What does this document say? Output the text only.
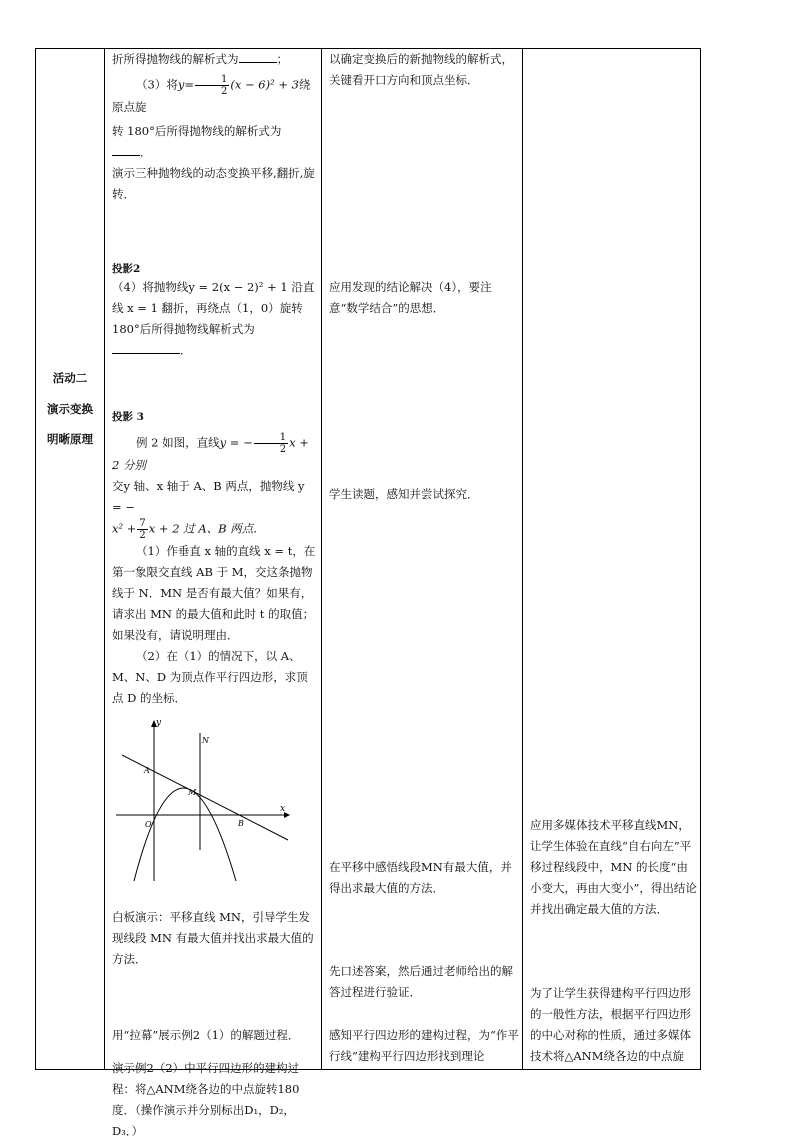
活动二
演示变换
明晰原理
折所得抛物线的解析式为	；
（3）将$y= \frac{1}{2} (x - 6)^2 + 3$绕原点旋
转 180°后所得抛物线的解析式为
．
演示三种抛物线的动态变换平移,翻折,旋转．
投影2
（4）将抛物线y = 2(x − 2)² + 1 沿直线 x = 1 翻折，再绕点（1，0）旋转 180°后所得抛物线解析式为．
投影 3
例 2 如图，直线y = − $\frac{1}{2}$ x + 2 分别
交y 轴、x 轴于 A、B 两点，抛物线 y = −
$x^2 + \frac{7}{2}$ x + 2 过 A、B 两点．
（1）作垂直 x 轴的直线 x = t，在第一象限交直线 AB 于 M，交这条抛物线于 N．MN 是否有最大值？如果有，请求出 MN 的最大值和此时 t 的取值；如果没有，请说明理由．
（2）在（1）的情况下，以 A、M、N、D 为顶点作平行四边形，求顶点 D 的坐标．
y
x
O
A
B
M
N
白板演示：平移直线 MN，引导学生发现线段 MN 有最大值并找出求最大值的方法．
用“拉幕”展示例2（1）的解题过程．
演示例2（2）中平行四边形的建构过程：将△ANM绕各边的中点旋转180度．（操作演示并分别标出D₁，D₂，D₃．）
以确定变换后的新抛物线的解析式，关键看开口方向和顶点坐标．
应用发现的结论解决（4），要注意“数学结合”的思想．
学生读题，感知并尝试探究．
在平移中感悟线段MN有最大值，并得出求最大值的方法．
先口述答案，然后通过老师给出的解答过程进行验证．
感知平行四边形的建构过程，为“作平行线”建构平行四边形找到理论
应用多媒体技术平移直线MN，让学生体验在直线“自右向左”平移过程线段中，MN 的长度“由小变大，再由大变小”，得出结论并找出确定最大值的方法．
为了让学生获得建构平行四边形的一般性方法，根据平行四边形的中心对称的性质，通过多媒体技术将△ANM绕各边的中点旋
